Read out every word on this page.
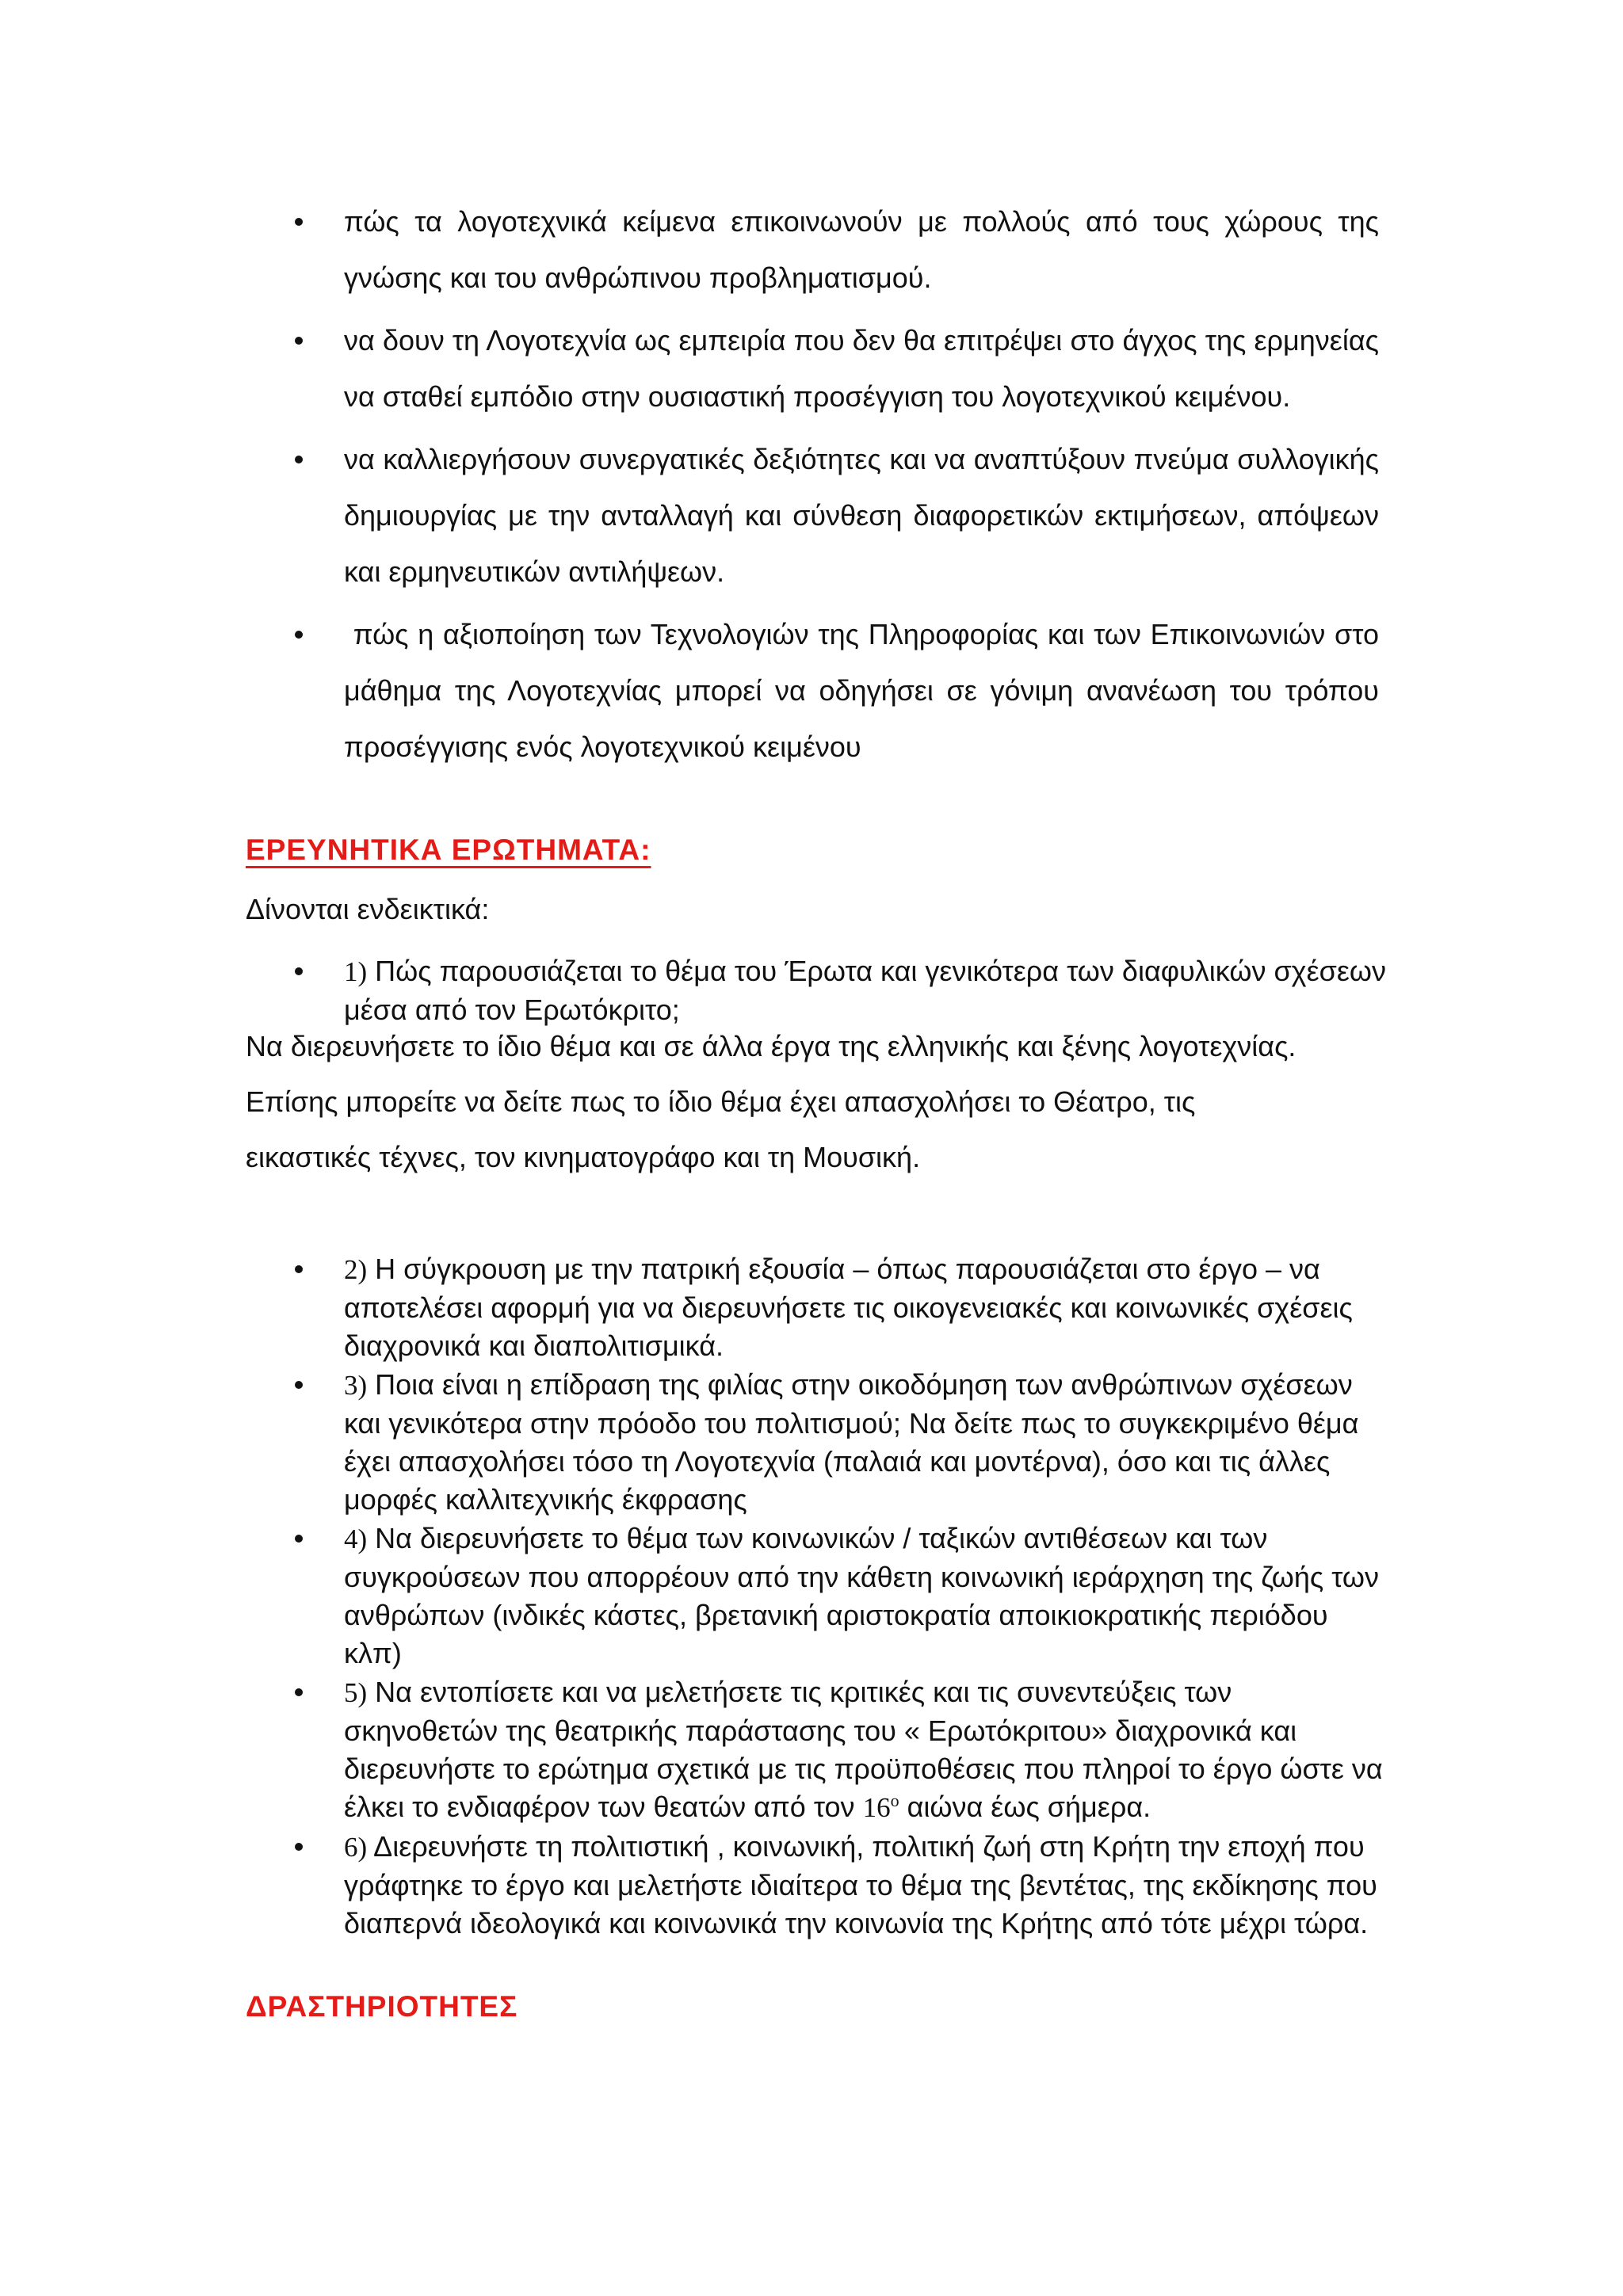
πώς τα λογοτεχνικά κείμενα επικοινωνούν με πολλούς από τους χώρους της γνώσης και του ανθρώπινου προβληματισμού.
να δουν τη Λογοτεχνία ως εμπειρία που δεν θα επιτρέψει στο άγχος της ερμηνείας να σταθεί εμπόδιο στην ουσιαστική προσέγγιση του λογοτεχνικού κειμένου.
να καλλιεργήσουν συνεργατικές δεξιότητες και να αναπτύξουν πνεύμα συλλογικής δημιουργίας με την ανταλλαγή και σύνθεση διαφορετικών εκτιμήσεων, απόψεων και ερμηνευτικών αντιλήψεων.
πώς η αξιοποίηση των Τεχνολογιών της Πληροφορίας και των Επικοινωνιών στο μάθημα της Λογοτεχνίας μπορεί να οδηγήσει σε γόνιμη ανανέωση του τρόπου προσέγγισης ενός λογοτεχνικού κειμένου
ΕΡΕΥΝΗΤΙΚΑ ΕΡΩΤΗΜΑΤΑ:

Δίνονται ενδεικτικά:

1) Πώς παρουσιάζεται το θέμα του Έρωτα και γενικότερα των διαφυλικών σχέσεων μέσα από τον Ερωτόκριτο;

Να διερευνήσετε το ίδιο θέμα και σε άλλα έργα της ελληνικής και ξένης λογοτεχνίας.

Επίσης μπορείτε να δείτε πως το ίδιο θέμα έχει απασχολήσει το Θέατρο, τις

εικαστικές τέχνες, τον κινηματογράφο και τη Μουσική.

2) Η σύγκρουση με την πατρική εξουσία – όπως παρουσιάζεται στο έργο – να αποτελέσει αφορμή για να διερευνήσετε τις οικογενειακές και κοινωνικές σχέσεις διαχρονικά και διαπολιτισμικά.
3) Ποια είναι η επίδραση της φιλίας στην οικοδόμηση των ανθρώπινων σχέσεων και γενικότερα στην πρόοδο του πολιτισμού; Να δείτε πως το συγκεκριμένο θέμα έχει απασχολήσει τόσο τη Λογοτεχνία (παλαιά και μοντέρνα), όσο και τις άλλες μορφές καλλιτεχνικής έκφρασης
4) Να διερευνήσετε το θέμα των κοινωνικών / ταξικών αντιθέσεων και των συγκρούσεων που απορρέουν από την κάθετη κοινωνική ιεράρχηση της ζωής των ανθρώπων (ινδικές κάστες, βρετανική αριστοκρατία αποικιοκρατικής περιόδου κλπ)
5) Να εντοπίσετε και να μελετήσετε τις κριτικές και τις συνεντεύξεις των σκηνοθετών της θεατρικής παράστασης του « Ερωτόκριτου» διαχρονικά και διερευνήστε το ερώτημα σχετικά με τις προϋποθέσεις που πληροί το έργο ώστε να έλκει το ενδιαφέρον των θεατών από τον $16^o$ αιώνα έως σήμερα.
6) Διερευνήστε τη πολιτιστική , κοινωνική, πολιτική ζωή στη Κρήτη την εποχή που γράφτηκε το έργο και μελετήστε ιδιαίτερα το θέμα της βεντέτας, της εκδίκησης που διαπερνά ιδεολογικά και κοινωνικά την κοινωνία της Κρήτης από τότε μέχρι τώρα.
ΔΡΑΣΤΗΡΙΟΤΗΤΕΣ
